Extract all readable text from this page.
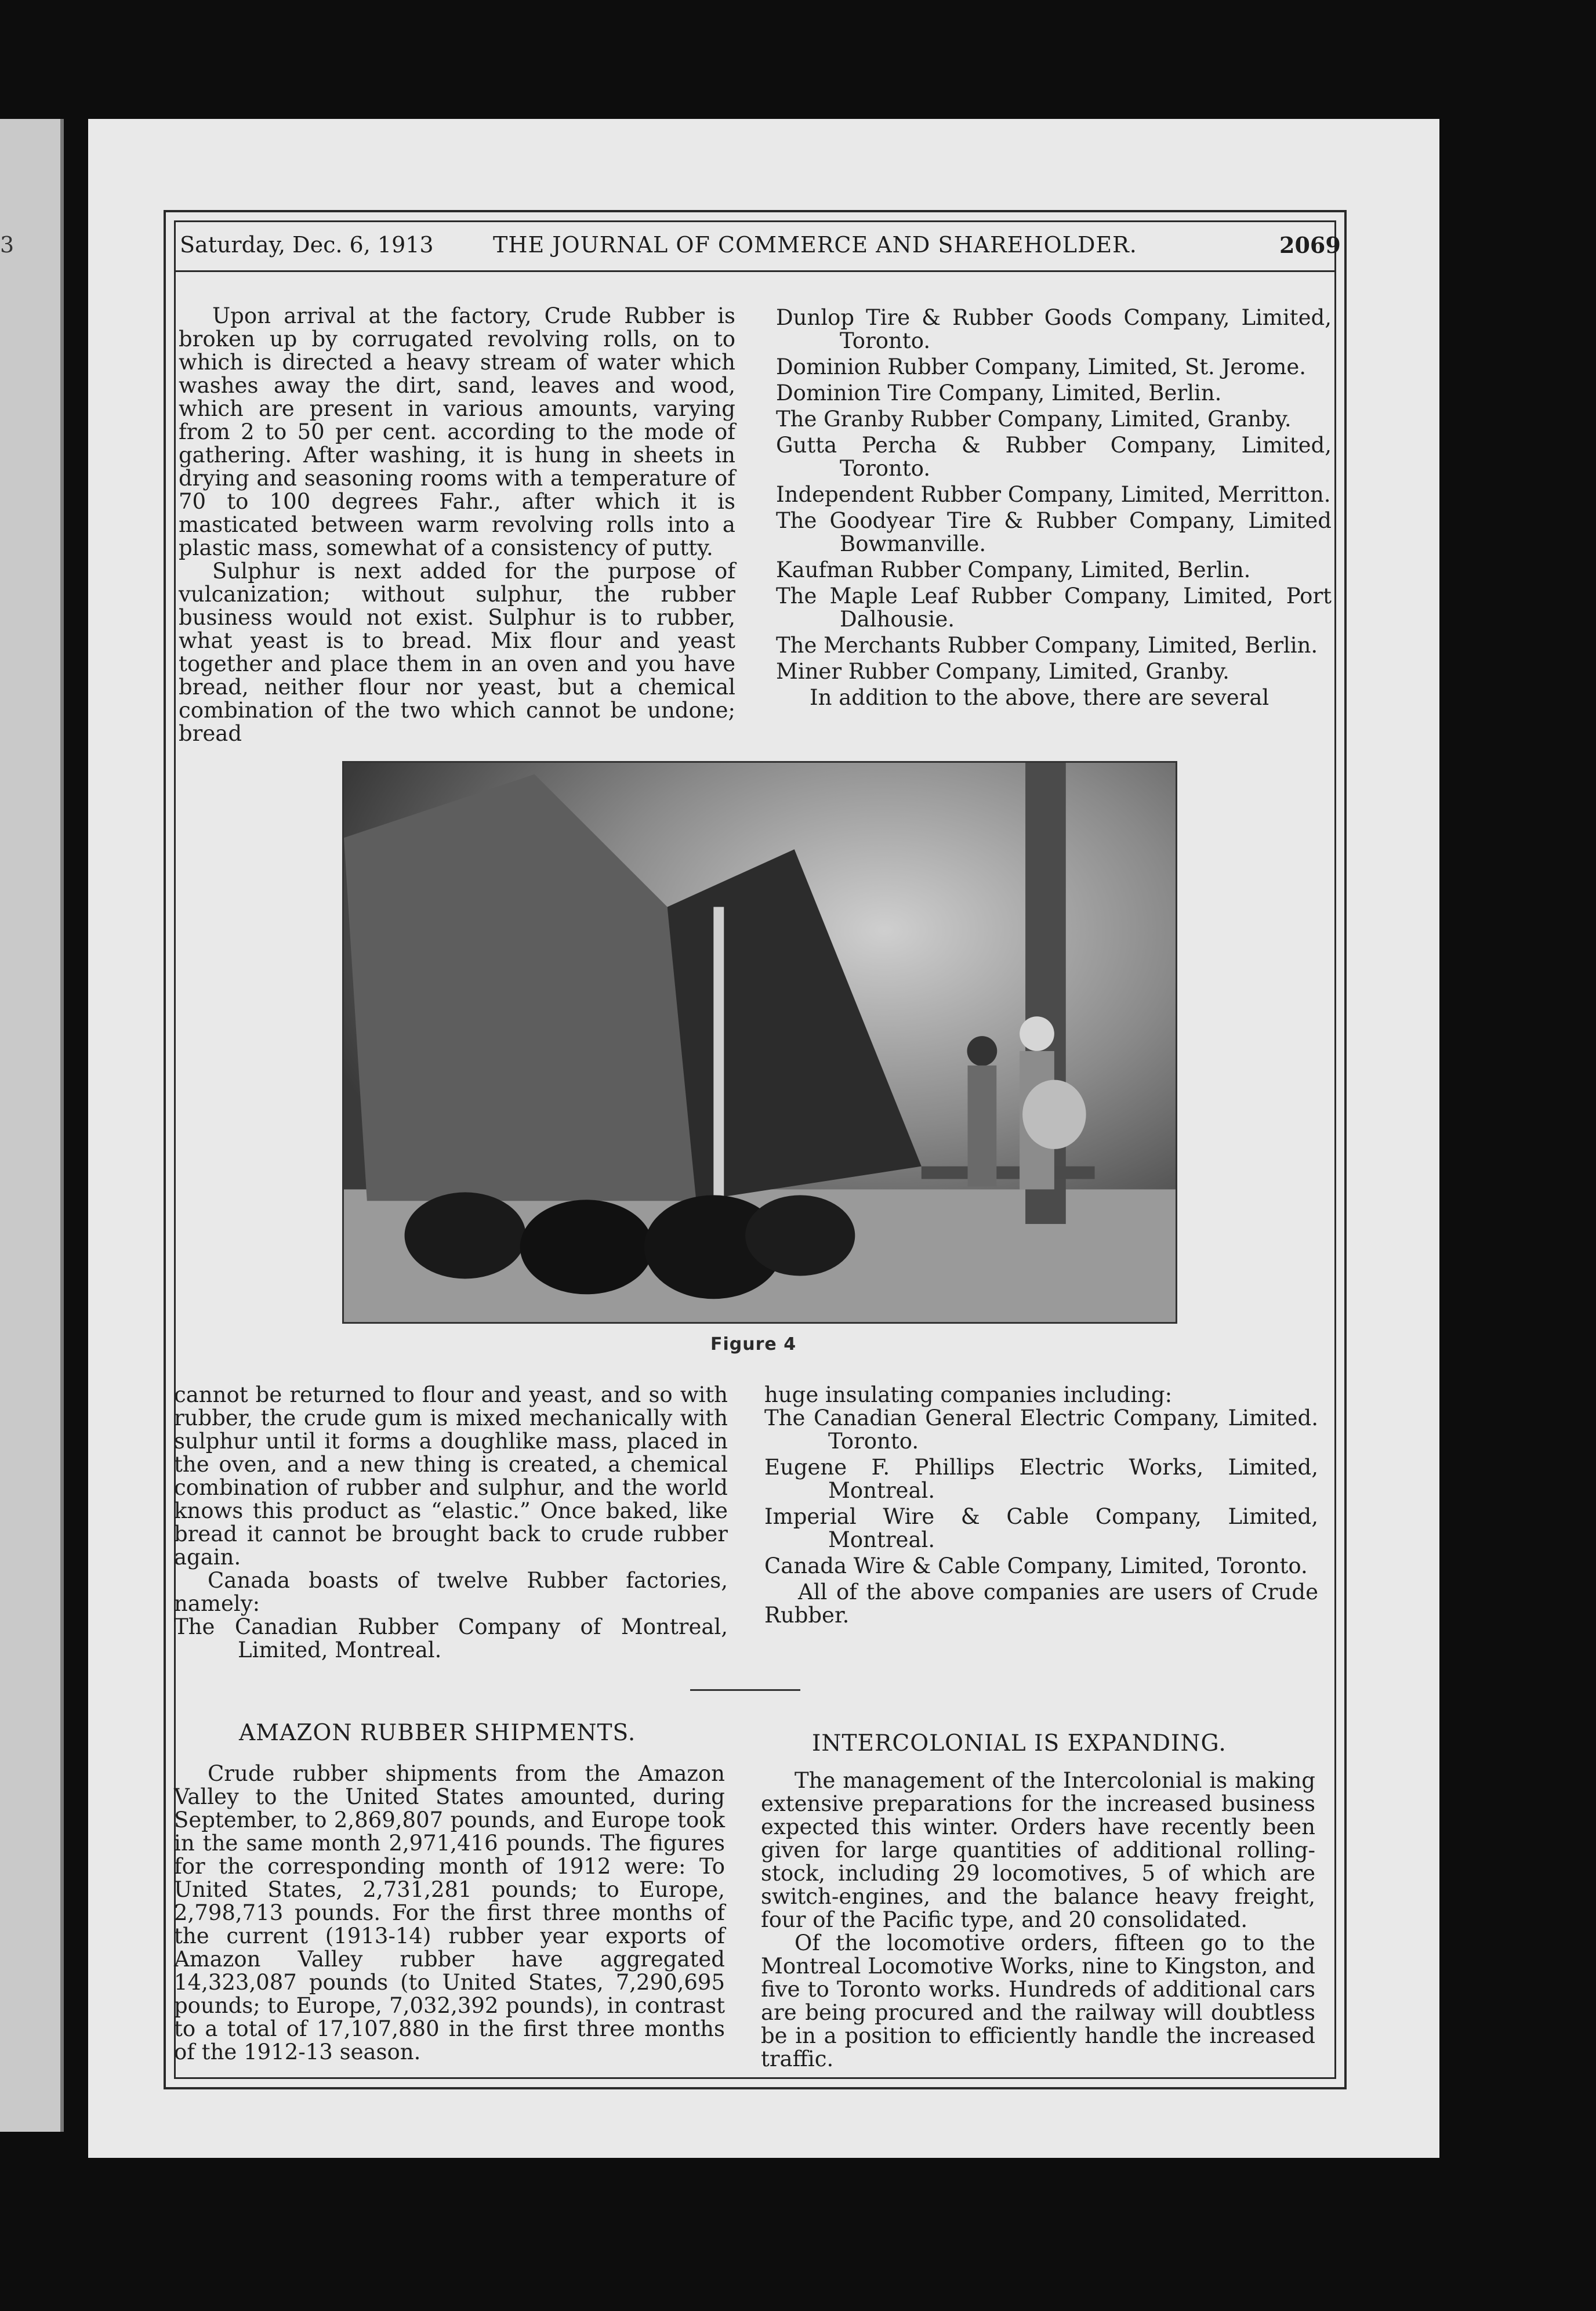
3	Saturday, Dec. 6, 1913	THE JOURNAL OF COMMERCE AND SHAREHOLDER.	2069

Upon arrival at the factory, Crude Rubber is broken up by corrugated revolving rolls, on to which is directed a heavy stream of water which washes away the dirt, sand, leaves and wood, which are present in various amounts, varying from 2 to 50 per cent. according to the mode of gathering. After washing, it is hung in sheets in drying and seasoning rooms with a temperature of 70 to 100 degrees Fahr., after which it is masticated between warm revolving rolls into a plastic mass, somewhat of a consistency of putty.

Sulphur is next added for the purpose of vulcanization; without sulphur, the rubber business would not exist. Sulphur is to rubber, what yeast is to bread. Mix flour and yeast together and place them in an oven and you have bread, neither flour nor yeast, but a chemical combination of the two which cannot be undone; bread

Dunlop Tire & Rubber Goods Company, Limited, Toronto.
Dominion Rubber Company, Limited, St. Jerome.
Dominion Tire Company, Limited, Berlin.
The Granby Rubber Company, Limited, Granby.
Gutta Percha & Rubber Company, Limited, Toronto.
Independent Rubber Company, Limited, Merritton.
The Goodyear Tire & Rubber Company, Limited Bowmanville.
Kaufman Rubber Company, Limited, Berlin.
The Maple Leaf Rubber Company, Limited, Port Dalhousie.
The Merchants Rubber Company, Limited, Berlin.
Miner Rubber Company, Limited, Granby.

In addition to the above, there are several

Figure 4

cannot be returned to flour and yeast, and so with rubber, the crude gum is mixed mechanically with sulphur until it forms a doughlike mass, placed in the oven, and a new thing is created, a chemical combination of rubber and sulphur, and the world knows this product as “elastic.” Once baked, like bread it cannot be brought back to crude rubber again.

Canada boasts of twelve Rubber factories, namely:

The Canadian Rubber Company of Montreal, Limited, Montreal.

huge insulating companies including:

The Canadian General Electric Company, Limited. Toronto.
Eugene F. Phillips Electric Works, Limited, Montreal.
Imperial Wire & Cable Company, Limited, Montreal.
Canada Wire & Cable Company, Limited, Toronto.

All of the above companies are users of Crude Rubber.

AMAZON RUBBER SHIPMENTS.	INTERCOLONIAL IS EXPANDING.

Crude rubber shipments from the Amazon Valley to the United States amounted, during September, to 2,869,807 pounds, and Europe took in the same month 2,971,416 pounds. The figures for the corresponding month of 1912 were: To United States, 2,731,281 pounds; to Europe, 2,798,713 pounds. For the first three months of the current (1913-14) rubber year exports of Amazon Valley rubber have aggregated 14,323,087 pounds (to United States, 7,290,695 pounds; to Europe, 7,032,392 pounds), in contrast to a total of 17,107,880 in the first three months of the 1912-13 season.

The management of the Intercolonial is making extensive preparations for the increased business expected this winter. Orders have recently been given for large quantities of additional rolling-stock, including 29 locomotives, 5 of which are switch-engines, and the balance heavy freight, four of the Pacific type, and 20 consolidated.

Of the locomotive orders, fifteen go to the Montreal Locomotive Works, nine to Kingston, and five to Toronto works. Hundreds of additional cars are being procured and the railway will doubtless be in a position to efficiently handle the increased traffic.
